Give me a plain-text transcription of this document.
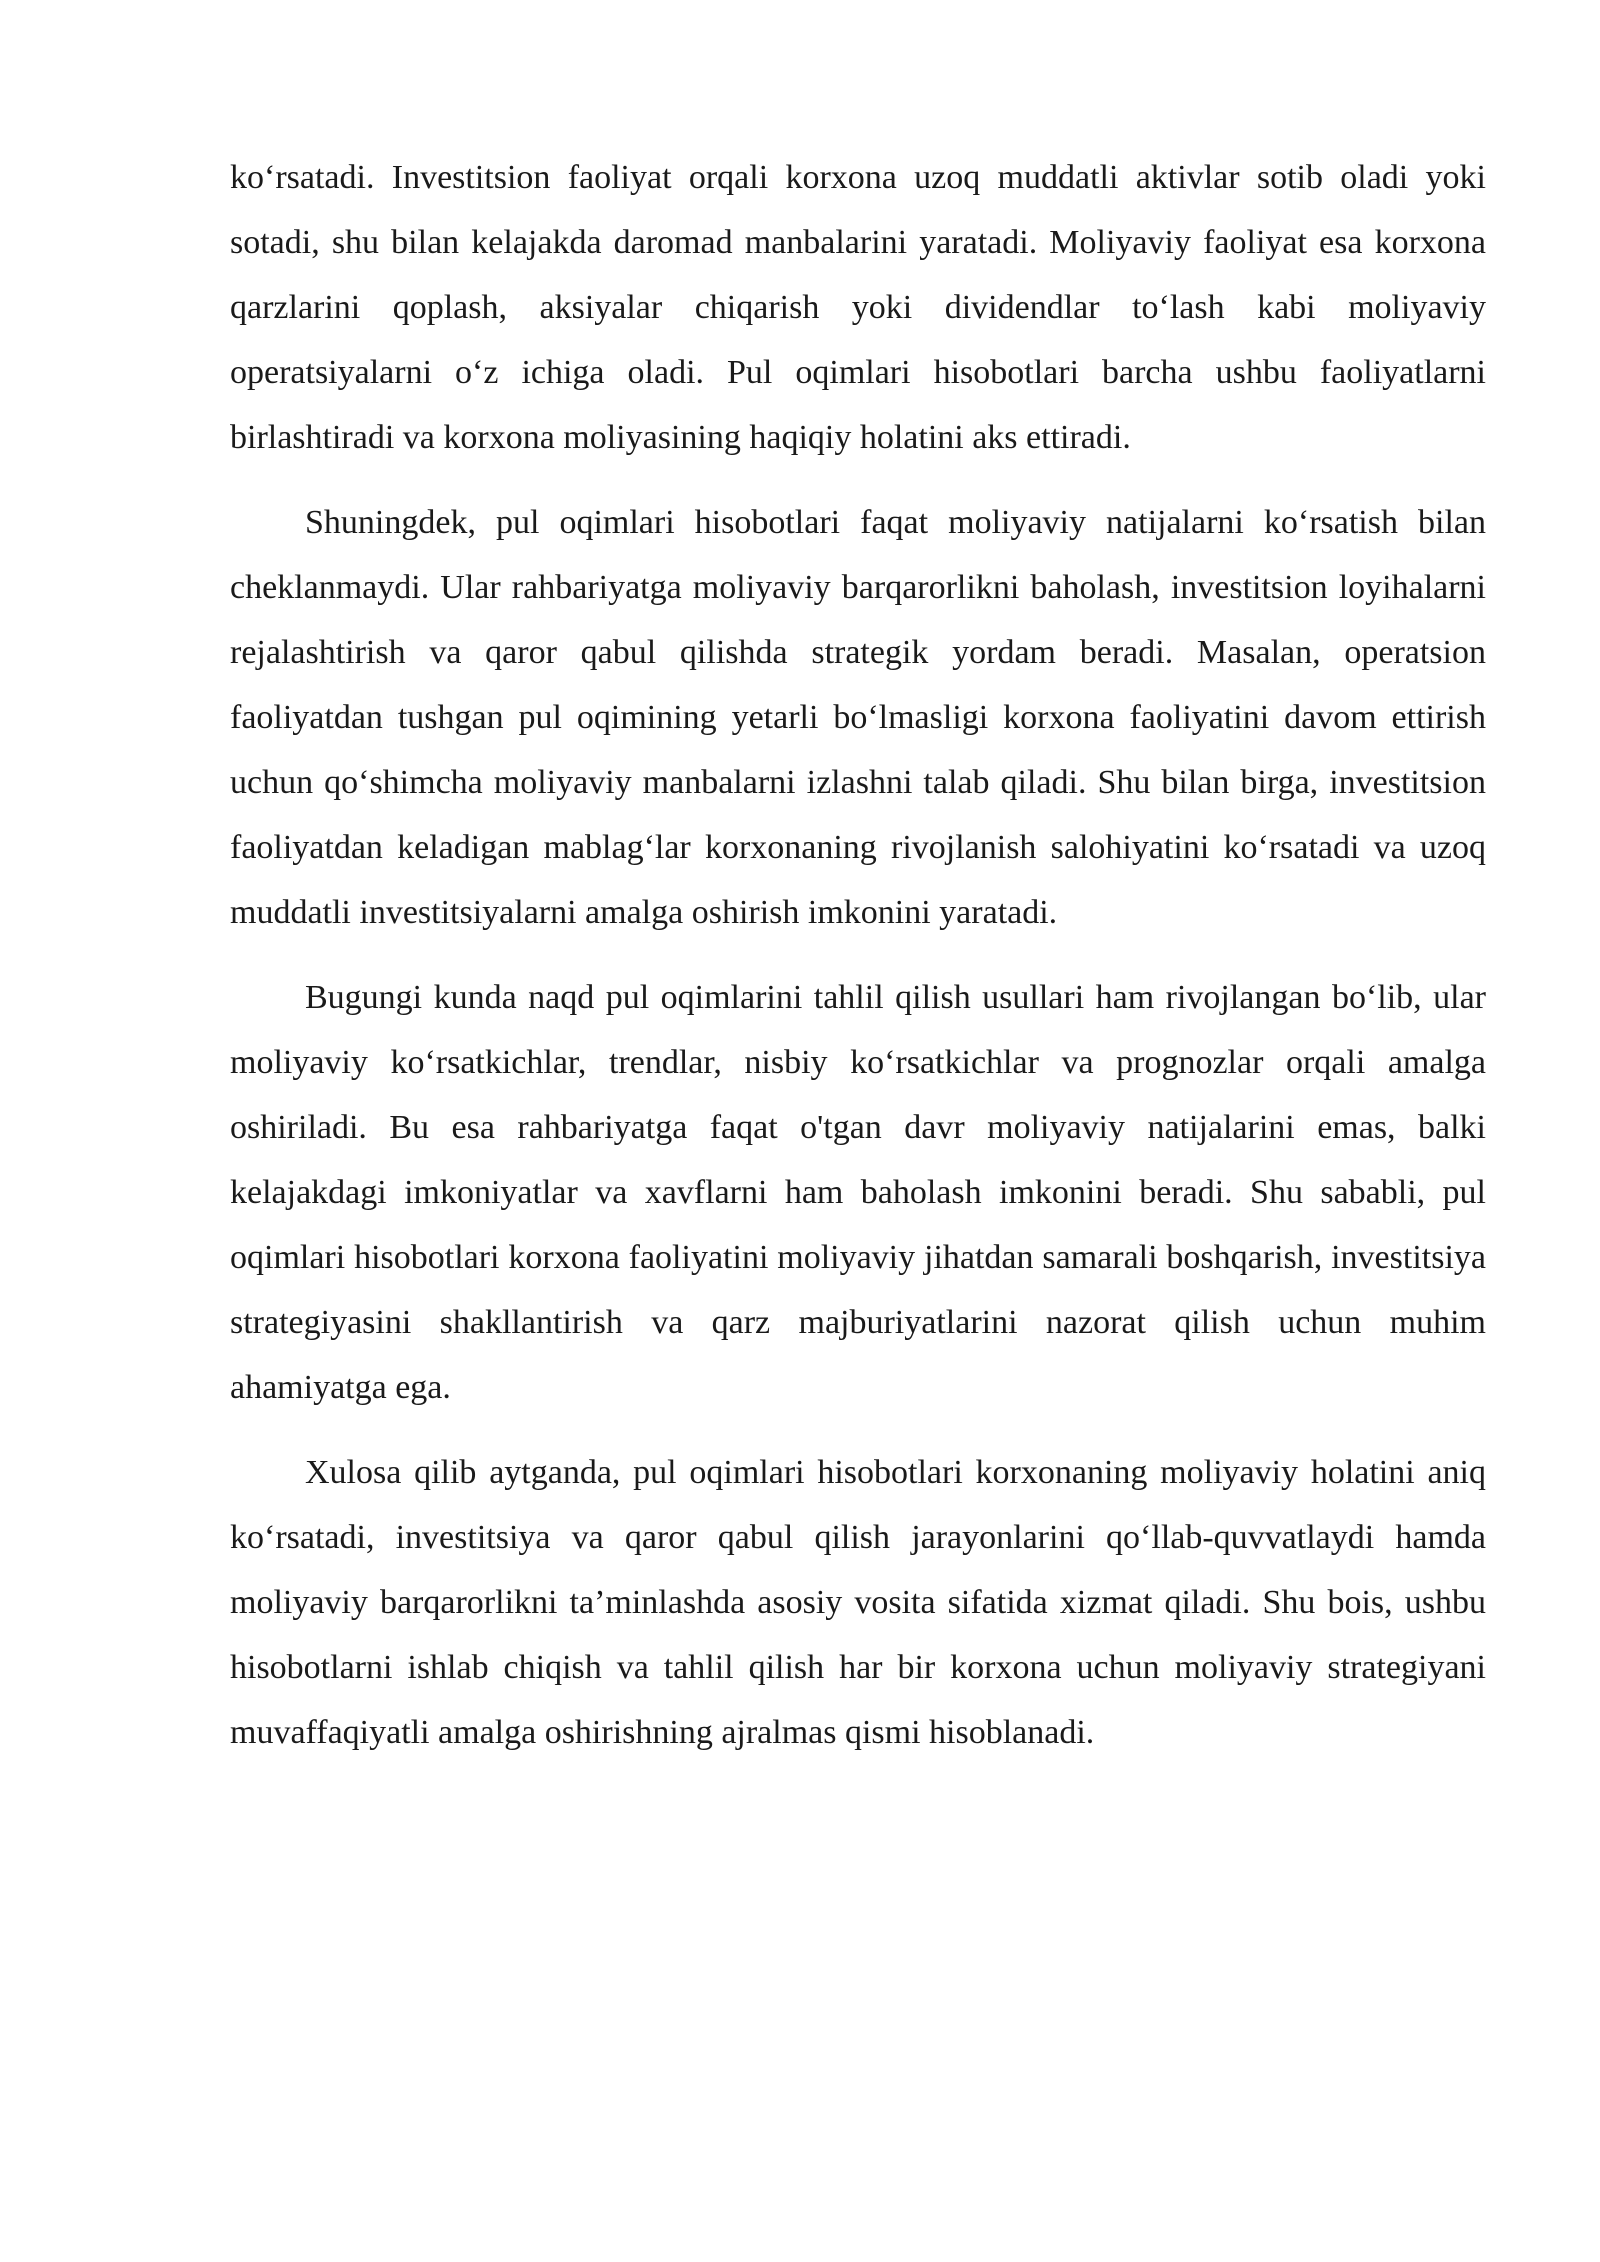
ko‘rsatadi. Investitsion faoliyat orqali korxona uzoq muddatli aktivlar sotib oladi yoki sotadi, shu bilan kelajakda daromad manbalarini yaratadi. Moliyaviy faoliyat esa korxona qarzlarini qoplash, aksiyalar chiqarish yoki dividendlar to‘lash kabi moliyaviy operatsiyalarni o‘z ichiga oladi. Pul oqimlari hisobotlari barcha ushbu faoliyatlarni birlashtiradi va korxona moliyasining haqiqiy holatini aks ettiradi.

Shuningdek, pul oqimlari hisobotlari faqat moliyaviy natijalarni ko‘rsatish bilan cheklanmaydi. Ular rahbariyatga moliyaviy barqarorlikni baholash, investitsion loyihalarni rejalashtirish va qaror qabul qilishda strategik yordam beradi. Masalan, operatsion faoliyatdan tushgan pul oqimining yetarli bo‘lmasligi korxona faoliyatini davom ettirish uchun qo‘shimcha moliyaviy manbalarni izlashni talab qiladi. Shu bilan birga, investitsion faoliyatdan keladigan mablag‘lar korxonaning rivojlanish salohiyatini ko‘rsatadi va uzoq muddatli investitsiyalarni amalga oshirish imkonini yaratadi.

Bugungi kunda naqd pul oqimlarini tahlil qilish usullari ham rivojlangan bo‘lib, ular moliyaviy ko‘rsatkichlar, trendlar, nisbiy ko‘rsatkichlar va prognozlar orqali amalga oshiriladi. Bu esa rahbariyatga faqat o'tgan davr moliyaviy natijalarini emas, balki kelajakdagi imkoniyatlar va xavflarni ham baholash imkonini beradi. Shu sababli, pul oqimlari hisobotlari korxona faoliyatini moliyaviy jihatdan samarali boshqarish, investitsiya strategiyasini shakllantirish va qarz majburiyatlarini nazorat qilish uchun muhim ahamiyatga ega.

Xulosa qilib aytganda, pul oqimlari hisobotlari korxonaning moliyaviy holatini aniq ko‘rsatadi, investitsiya va qaror qabul qilish jarayonlarini qo‘llab-quvvatlaydi hamda moliyaviy barqarorlikni ta’minlashda asosiy vosita sifatida xizmat qiladi. Shu bois, ushbu hisobotlarni ishlab chiqish va tahlil qilish har bir korxona uchun moliyaviy strategiyani muvaffaqiyatli amalga oshirishning ajralmas qismi hisoblanadi.
